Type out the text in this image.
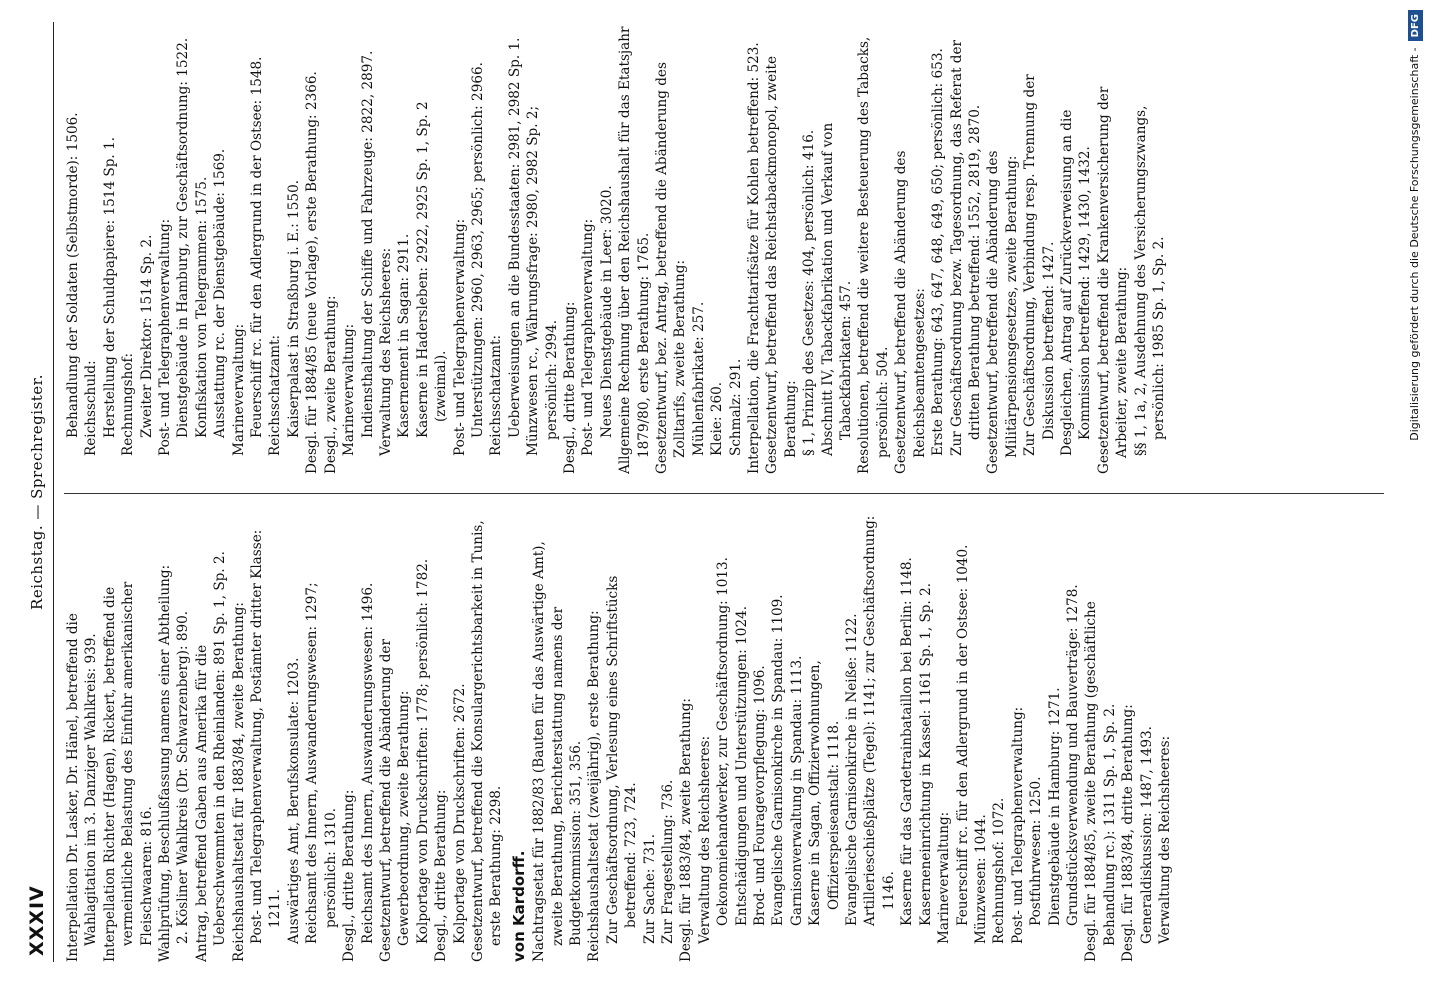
XXXIV
Reichstag. — Sprechregister.

Interpellation Dr. Lasker, Dr. Hänel, betreffend die Wahlagitation im 3. Danziger Wahlkreis: 939. Interpellation Richter (Hagen), Rickert, betreffend die vermeintliche Belastung des Einfuhr amerikanischer Fleischwaaren: 816. Wahlprüfung, Beschlußfassung namens einer Abtheilung: 2. Kösliner Wahlkreis (Dr. Schwarzenberg): 890. Antrag, betreffend Gaben aus Amerika für die Ueberschwemmten in den Rheinlanden: 891 Sp. 1, Sp. 2. Reichshaushaltsetat für 1883/84, zweite Berathung: Post- und Telegraphenverwaltung, Postämter dritter Klasse: 1211. Auswärtiges Amt, Berufskonsulate: 1203. Reichsamt des Innern, Auswanderungswesen: 1297; persönlich: 1310. Desgl., dritte Berathung: Reichsamt des Innern, Auswanderungswesen: 1496. Gesetzentwurf, betreffend die Abänderung der Gewerbeordnung, zweite Berathung: Kolportage von Druckschriften: 1778; persönlich: 1782. Desgl., dritte Berathung: Kolportage von Druckschriften: 2672. Gesetzentwurf, betreffend die Konsulargerichtsbarkeit in Tunis, erste Berathung: 2298. von Kardorff. Nachtragsetat für 1882/83 (Bauten für das Auswärtige Amt), zweite Berathung, Berichterstattung namens der Budgetkommission: 351, 356. Reichshaushaltsetat (zweijährig), erste Berathung: Zur Geschäftsordnung, Verlesung eines Schriftstücks betreffend: 723, 724. Zur Sache: 731. Zur Fragestellung: 736. Desgl. für 1883/84, zweite Berathung: Verwaltung des Reichsheeres: Oekonomiehandwerker, zur Geschäftsordnung: 1013. Entschädigungen und Unterstützungen: 1024. Brod- und Fouragevorpflegung: 1096. Evangelische Garnisonkirche in Spandau: 1109. Garnisonverwaltung in Spandau: 1113. Kaserne in Sagan, Offizierwohnungen, Offizierspeiseanstalt: 1118. Evangelische Garnisonkirche in Neiße: 1122. Artillerieschießplätze (Tegel): 1141; zur Geschäftsordnung: 1146. Kaserne für das Gardetrainbataillon bei Berlin: 1148. Kaserneneinrichtung in Kassel: 1161 Sp. 1, Sp. 2. Marineverwaltung: Feuerschiff rc. für den Adlergrund in der Ostsee: 1040. Münzwesen: 1044. Rechnungshof: 1072. Post- und Telegraphenverwaltung: Postfuhrwesen: 1250. Dienstgebäude in Hamburg: 1271. Grundstücksverwendung und Bauverträge: 1278. Desgl. für 1884/85, zweite Berathung (geschäftliche Behandlung rc.): 1311 Sp. 1, Sp. 2. Desgl. für 1883/84, dritte Berathung: Generaldiskussion: 1487, 1493. Verwaltung des Reichsheeres:

Behandlung der Soldaten (Selbstmorde): 1506. Reichsschuld: Herstellung der Schuldpapiere: 1514 Sp. 1. Rechnungshof: Zweiter Direktor: 1514 Sp. 2. Post- und Telegraphenverwaltung: Dienstgebäude in Hamburg, zur Geschäftsordnung: 1522. Konfiskation von Telegrammen: 1575. Ausstattung rc. der Dienstgebäude: 1569. Marineverwaltung: Feuerschiff rc. für den Adlergrund in der Ostsee: 1548. Reichsschatzamt: Kaiserpalast in Straßburg i. E.: 1550. Desgl. für 1884/85 (neue Vorlage), erste Berathung: 2366. Desgl., zweite Berathung: Marineverwaltung: Indiensthaltung der Schiffe und Fahrzeuge: 2822, 2897. Verwaltung des Reichsheeres: Kasernement in Sagan: 2911. Kaserne in Hadersleben: 2922, 2925 Sp. 1, Sp. 2 (zweimal). Post- und Telegraphenverwaltung: Unterstützungen: 2960, 2963, 2965; persönlich: 2966. Reichsschatzamt: Ueberweisungen an die Bundesstaaten: 2981, 2982 Sp. 1. Münzwesen rc., Währungsfrage: 2980, 2982 Sp. 2; persönlich: 2994. Desgl., dritte Berathung: Post- und Telegraphenverwaltung: Neues Dienstgebäude in Leer: 3020. Allgemeine Rechnung über den Reichshaushalt für das Etatsjahr 1879/80, erste Berathung: 1765. Gesetzentwurf, bez. Antrag, betreffend die Abänderung des Zolltarifs, zweite Berathung: Mühlenfabrikate: 257. Kleie: 260. Schmalz: 291. Interpellation, die Frachttarifsätze für Kohlen betreffend: 523. Gesetzentwurf, betreffend das Reichstabackmonopol, zweite Berathung: § 1, Prinzip des Gesetzes: 404, persönlich: 416. Abschnitt IV, Tabackfabrikation und Verkauf von Tabackfabrikaten: 457. Resolutionen, betreffend die weitere Besteuerung des Tabacks, persönlich: 504. Gesetzentwurf, betreffend die Abänderung des Reichsbeamtengesetzes: Erste Berathung: 643, 647, 648, 649, 650; persönlich: 653. Zur Geschäftsordnung bezw. Tagesordnung, das Referat der dritten Berathung betreffend: 1552, 2819, 2870. Gesetzentwurf, betreffend die Abänderung des Militärpensionsgesetzes, zweite Berathung: Zur Geschäftsordnung, Verbindung resp. Trennung der Diskussion betreffend: 1427. Desgleichen, Antrag auf Zurückverweisung an die Kommission betreffend: 1429, 1430, 1432. Gesetzentwurf, betreffend die Krankenversicherung der Arbeiter, zweite Berathung: §§ 1, 1a, 2, Ausdehnung des Versicherungszwangs, persönlich: 1985 Sp. 1, Sp. 2.	Digitalisierung gefördert durch die Deutsche Forschungsgemeinschaft -DFG
